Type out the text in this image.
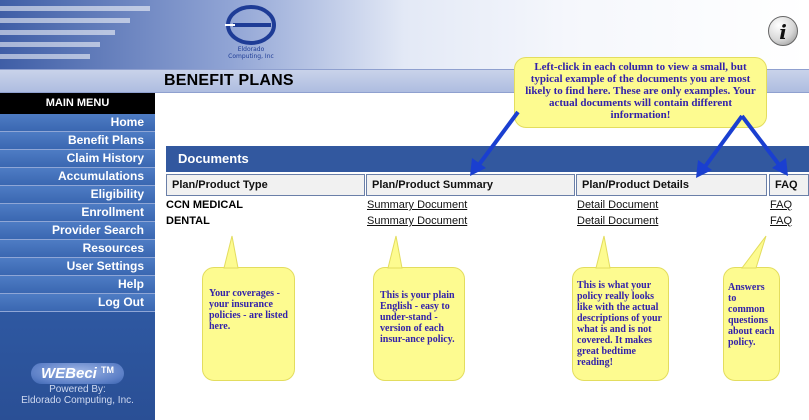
Eldorado
Computing, Inc
i
BENEFIT PLANS
MAIN MENU
Home
Benefit Plans
Claim History
Accumulations
Eligibility
Enrollment
Provider Search
Resources
User Settings
Help
Log Out
WEBeci ™
Powered By:
Eldorado Computing, Inc.
Documents
Plan/Product Type	Plan/Product Summary	Plan/Product Details	FAQ
CCN MEDICAL	Summary Document	Detail Document	FAQ
DENTAL	Summary Document	Detail Document	FAQ
Left-click in each column to view a small, but typical example of the documents you are most likely to find here. These are only examples. Your actual documents will contain different information!
Your coverages - your insurance policies - are listed here.
This is your plain English - easy to under-stand - version of each insur-ance policy.
This is what your policy really looks like with the actual descriptions of your what is and is not covered. It makes great bedtime reading!
Answers to common questions about each policy.
